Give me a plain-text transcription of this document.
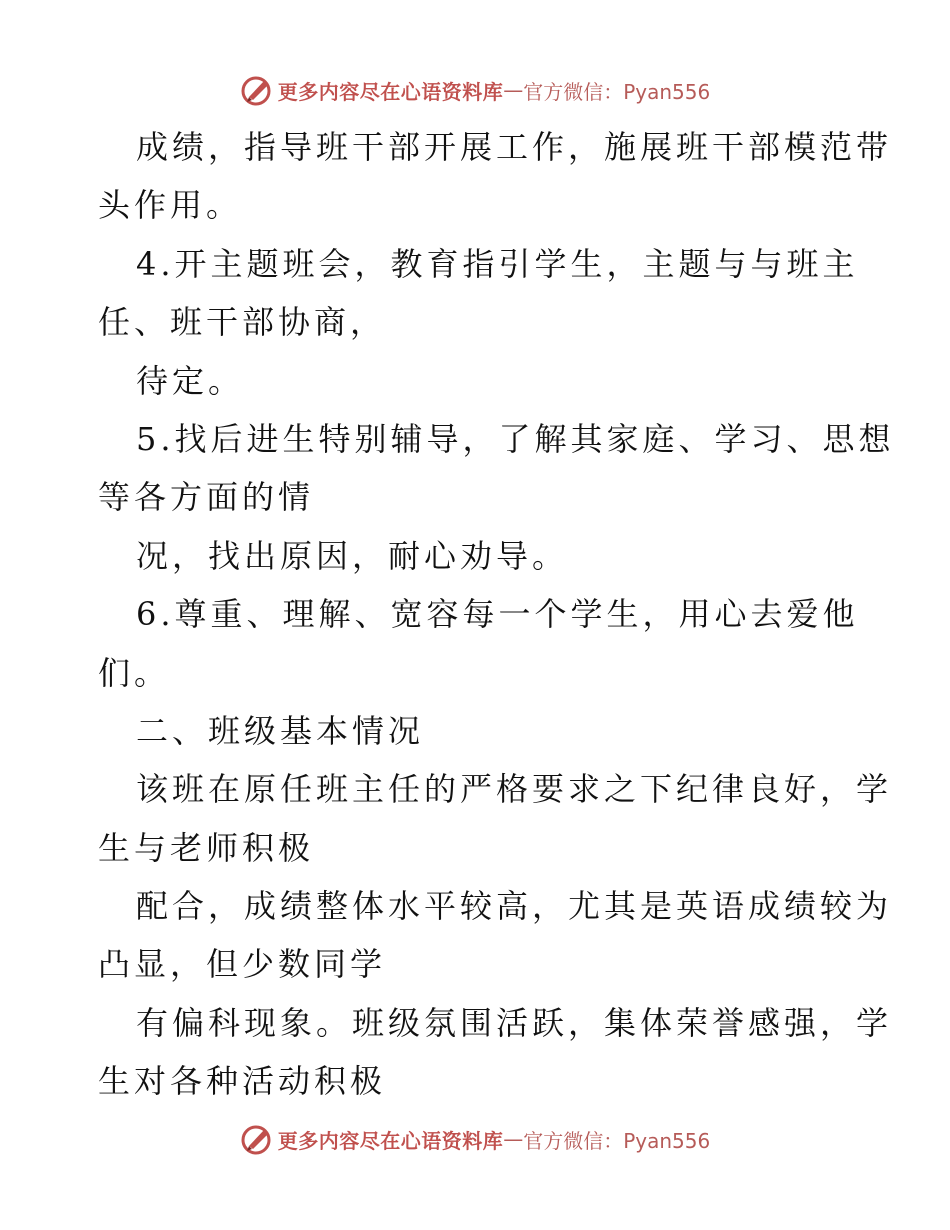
更多内容尽在心语资料库 — 官方微信：Pyan556
成绩，指导班干部开展工作，施展班干部模范带
头作用。
4.开主题班会，教育指引学生，主题与与班主
任、班干部协商，
待定。
5.找后进生特别辅导，了解其家庭、学习、思想
等各方面的情
况，找出原因，耐心劝导。
6.尊重、理解、宽容每一个学生，用心去爱他
们。
二、班级基本情况
该班在原任班主任的严格要求之下纪律良好，学
生与老师积极
配合，成绩整体水平较高，尤其是英语成绩较为
凸显，但少数同学
有偏科现象。班级氛围活跃，集体荣誉感强，学
生对各种活动积极
更多内容尽在心语资料库 — 官方微信：Pyan556
